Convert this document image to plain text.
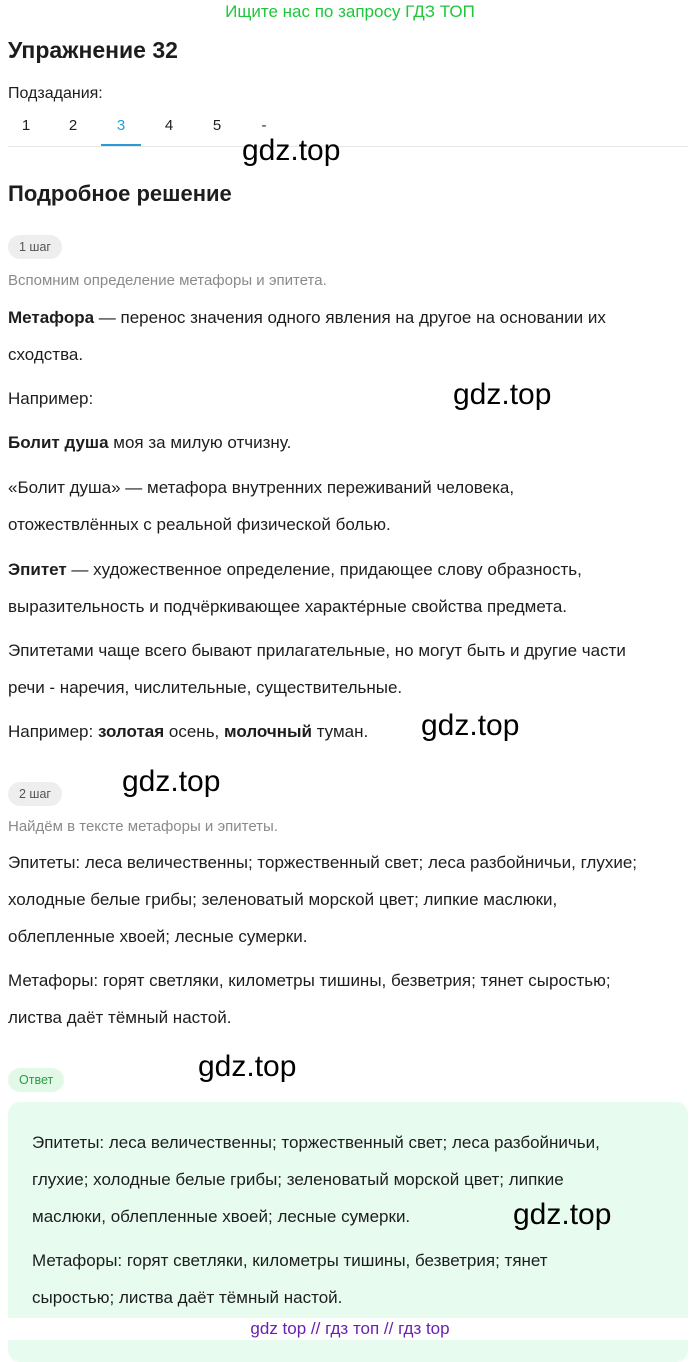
Ищите нас по запросу ГДЗ ТОП
Упражнение 32
Подзадания:
1	2	3	4	5	-
gdz.top
Подробное решение
1 шаг
Вспомним определение метафоры и эпитета.
Метафора — перенос значения одного явления на другое на основании их
сходства.
Например:	gdz.top
Болит душа моя за милую отчизну.
«Болит душа» — метафора внутренних переживаний человека,
отожествлённых с реальной физической болью.
Эпитет — художественное определение, придающее слову образность,
выразительность и подчёркивающее характе́рные свойства предмета.
Эпитетами чаще всего бывают прилагательные, но могут быть и другие части
речи - наречия, числительные, существительные.
Например: золотая осень, молочный туман.	gdz.top
gdz.top
2 шаг
Найдём в тексте метафоры и эпитеты.
Эпитеты: леса величественны; торжественный свет; леса разбойничьи, глухие;
холодные белые грибы; зеленоватый морской цвет; липкие маслюки,
облепленные хвоей; лесные сумерки.
Метафоры: горят светляки, километры тишины, безветрия; тянет сыростью;
листва даёт тёмный настой.
gdz.top
Ответ
Эпитеты: леса величественны; торжественный свет; леса разбойничьи,
глухие; холодные белые грибы; зеленоватый морской цвет; липкие
маслюки, облепленные хвоей; лесные сумерки.	gdz.top
Метафоры: горят светляки, километры тишины, безветрия; тянет
сыростью; листва даёт тёмный настой.
gdz top // гдз топ // гдз top
